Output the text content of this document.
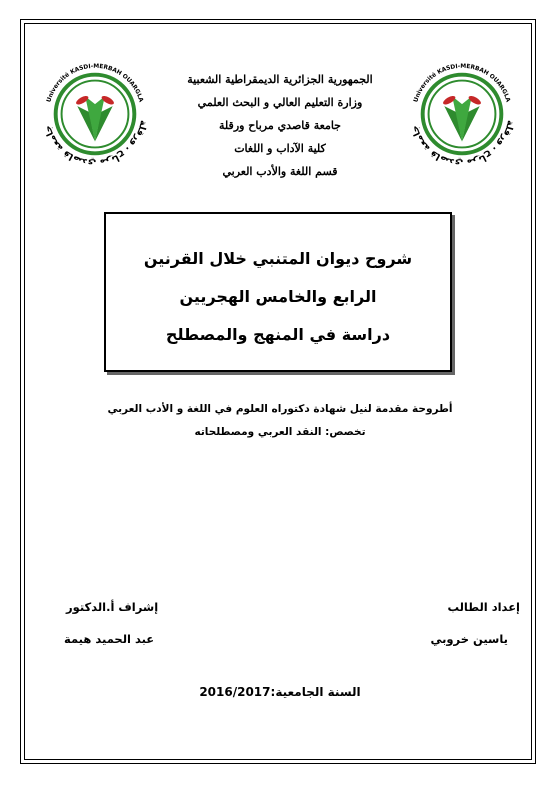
جامعة قاصدي مرباح . ورقلة
Université KASDI-MERBAH OUARGLA
جامعة قاصدي مرباح . ورقلة
Université KASDI-MERBAH OUARGLA
الجمهورية الجزائرية الديمقراطية الشعبية
وزارة التعليم العالي و البحث العلمي
جامعة قاصدي مرباح ورقلة
كلية الآداب و اللغات
قسم اللغة والأدب العربي
شروح ديوان المتنبي خلال القرنين
الرابع والخامس الهجريين
دراسة في المنهج والمصطلح
أطروحة مقدمة لنيل شهادة دكتوراه العلوم في اللغة و الأدب العربي
تخصص: النقد العربي ومصطلحاته
إعداد الطالب
ياسين خروبي
إشراف أ.الدكتور
عبد الحميد هيمة
السنة الجامعية:2016/2017
